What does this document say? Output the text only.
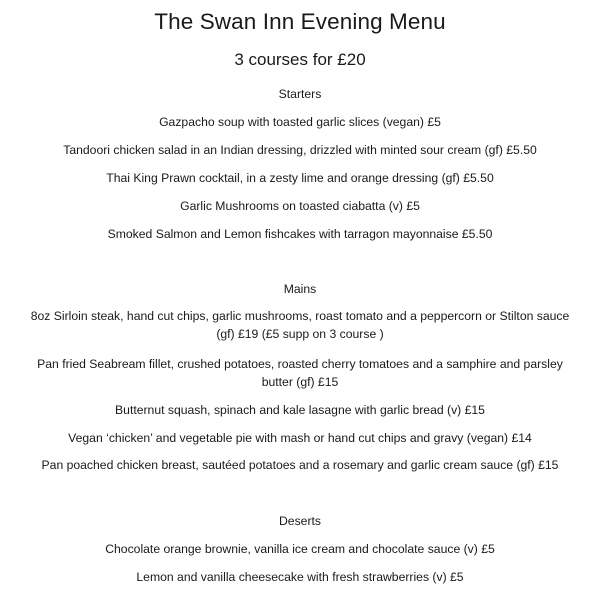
The Swan Inn Evening Menu
3 courses for £20
Starters
Gazpacho soup with toasted garlic slices (vegan) £5
Tandoori chicken salad in an Indian dressing, drizzled with minted sour cream (gf) £5.50
Thai King Prawn cocktail, in a zesty lime and orange dressing (gf) £5.50
Garlic Mushrooms on toasted ciabatta (v) £5
Smoked Salmon and Lemon fishcakes with tarragon mayonnaise £5.50
Mains
8oz Sirloin steak, hand cut chips, garlic mushrooms, roast tomato and a peppercorn or Stilton sauce
(gf) £19 (£5 supp on 3 course )
Pan fried Seabream fillet, crushed potatoes, roasted cherry tomatoes and a samphire and parsley
butter (gf) £15
Butternut squash, spinach and kale lasagne with garlic bread (v) £15
Vegan ‘chicken’ and vegetable pie with mash or hand cut chips and gravy (vegan) £14
Pan poached chicken breast, sautéed potatoes and a rosemary and garlic cream sauce (gf) £15
Deserts
Chocolate orange brownie, vanilla ice cream and chocolate sauce (v) £5
Lemon and vanilla cheesecake with fresh strawberries (v) £5
